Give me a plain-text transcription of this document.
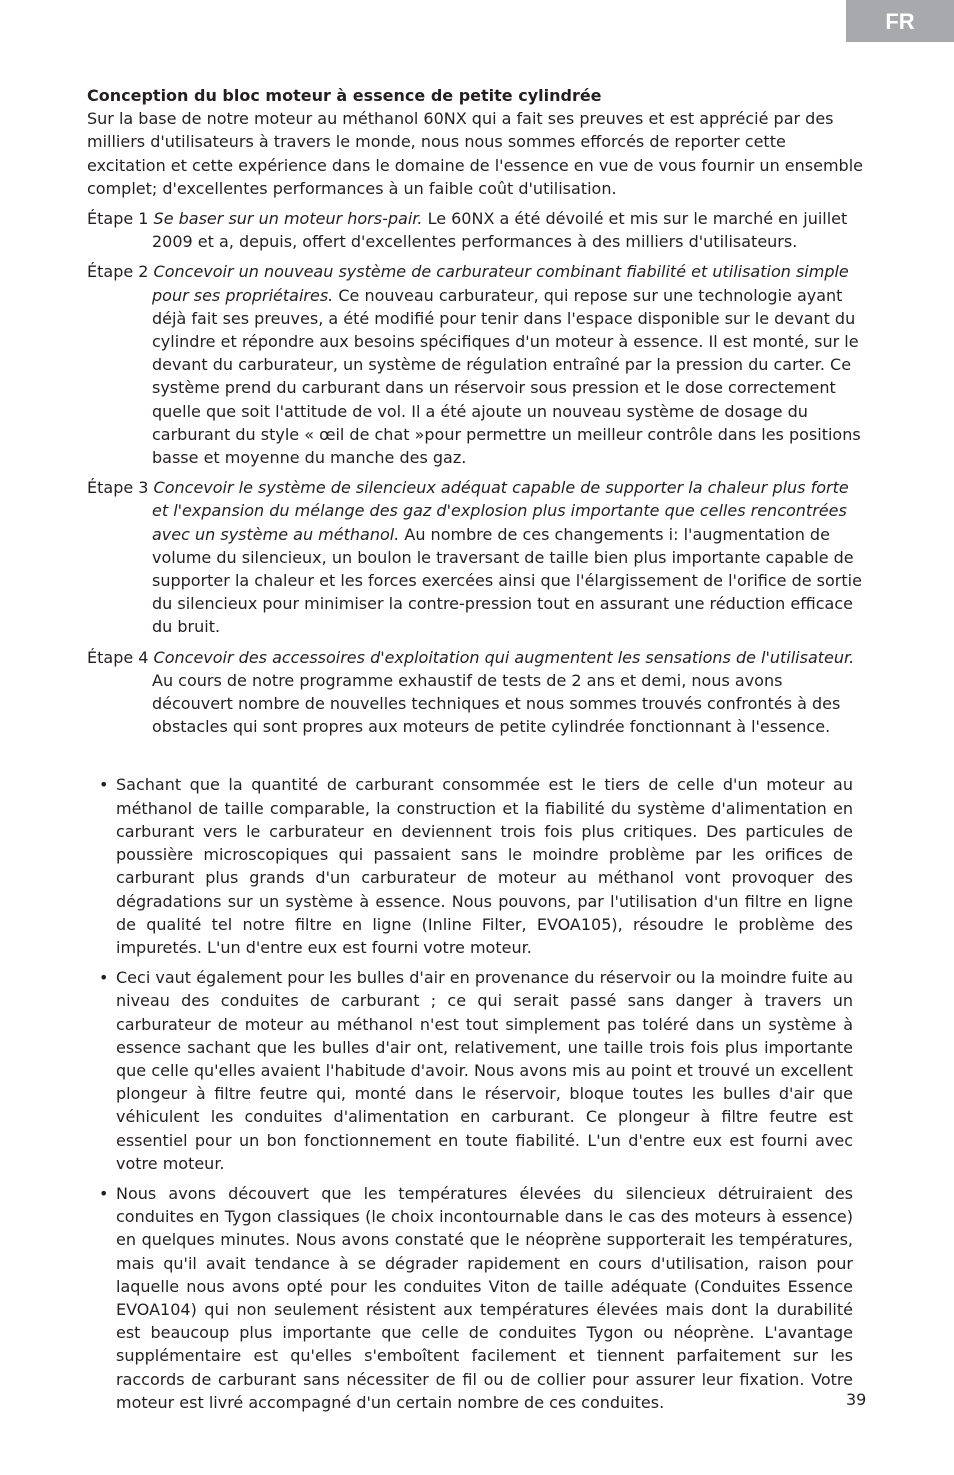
FR
Conception du bloc moteur à essence de petite cylindrée

Sur la base de notre moteur au méthanol 60NX qui a fait ses preuves et est apprécié par des milliers d'utilisateurs à travers le monde, nous nous sommes efforcés de reporter cette excitation et cette expérience dans le domaine de l'essence en vue de vous fournir un ensemble complet; d'excellentes performances à un faible coût d'utilisation.

Étape 1 Se baser sur un moteur hors-pair. Le 60NX a été dévoilé et mis sur le marché en juillet 2009 et a, depuis, offert d'excellentes performances à des milliers d'utilisateurs.

Étape 2 Concevoir un nouveau système de carburateur combinant fiabilité et utilisation simple pour ses propriétaires. Ce nouveau carburateur, qui repose sur une technologie ayant déjà fait ses preuves, a été modifié pour tenir dans l'espace disponible sur le devant du cylindre et répondre aux besoins spécifiques d'un moteur à essence. Il est monté, sur le devant du carburateur, un système de régulation entraîné par la pression du carter. Ce système prend du carburant dans un réservoir sous pression et le dose correctement quelle que soit l'attitude de vol. Il a été ajoute un nouveau système de dosage du carburant du style « œil de chat »pour permettre un meilleur contrôle dans les positions basse et moyenne du manche des gaz.

Étape 3 Concevoir le système de silencieux adéquat capable de supporter la chaleur plus forte et l'expansion du mélange des gaz d'explosion plus importante que celles rencontrées avec un système au méthanol. Au nombre de ces changements i: l'augmentation de volume du silencieux, un boulon le traversant de taille bien plus importante capable de supporter la chaleur et les forces exercées ainsi que l'élargissement de l'orifice de sortie du silencieux pour minimiser la contre-pression tout en assurant une réduction efficace du bruit.

Étape 4 Concevoir des accessoires d'exploitation qui augmentent les sensations de l'utilisateur. Au cours de notre programme exhaustif de tests de 2 ans et demi, nous avons découvert nombre de nouvelles techniques et nous sommes trouvés confrontés à des obstacles qui sont propres aux moteurs de petite cylindrée fonctionnant à l'essence.

• Sachant que la quantité de carburant consommée est le tiers de celle d'un moteur au méthanol de taille comparable, la construction et la fiabilité du système d'alimentation en carburant vers le carburateur en deviennent trois fois plus critiques. Des particules de poussière microscopiques qui passaient sans le moindre problème par les orifices de carburant plus grands d'un carburateur de moteur au méthanol vont provoquer des dégradations sur un système à essence. Nous pouvons, par l'utilisation d'un filtre en ligne de qualité tel notre filtre en ligne (Inline Filter, EVOA105), résoudre le problème des impuretés. L'un d'entre eux est fourni votre moteur.

• Ceci vaut également pour les bulles d'air en provenance du réservoir ou la moindre fuite au niveau des conduites de carburant ; ce qui serait passé sans danger à travers un carburateur de moteur au méthanol n'est tout simplement pas toléré dans un système à essence sachant que les bulles d'air ont, relativement, une taille trois fois plus importante que celle qu'elles avaient l'habitude d'avoir. Nous avons mis au point et trouvé un excellent plongeur à filtre feutre qui, monté dans le réservoir, bloque toutes les bulles d'air que véhiculent les conduites d'alimentation en carburant. Ce plongeur à filtre feutre est essentiel pour un bon fonctionnement en toute fiabilité. L'un d'entre eux est fourni avec votre moteur.

• Nous avons découvert que les températures élevées du silencieux détruiraient des conduites en Tygon classiques (le choix incontournable dans le cas des moteurs à essence) en quelques minutes. Nous avons constaté que le néoprène supporterait les températures, mais qu'il avait tendance à se dégrader rapidement en cours d'utilisation, raison pour laquelle nous avons opté pour les conduites Viton de taille adéquate (Conduites Essence EVOA104) qui non seulement résistent aux températures élevées mais dont la durabilité est beaucoup plus importante que celle de conduites Tygon ou néoprène. L'avantage supplémentaire est qu'elles s'emboîtent facilement et tiennent parfaitement sur les raccords de carburant sans nécessiter de fil ou de collier pour assurer leur fixation. Votre moteur est livré accompagné d'un certain nombre de ces conduites.	39
